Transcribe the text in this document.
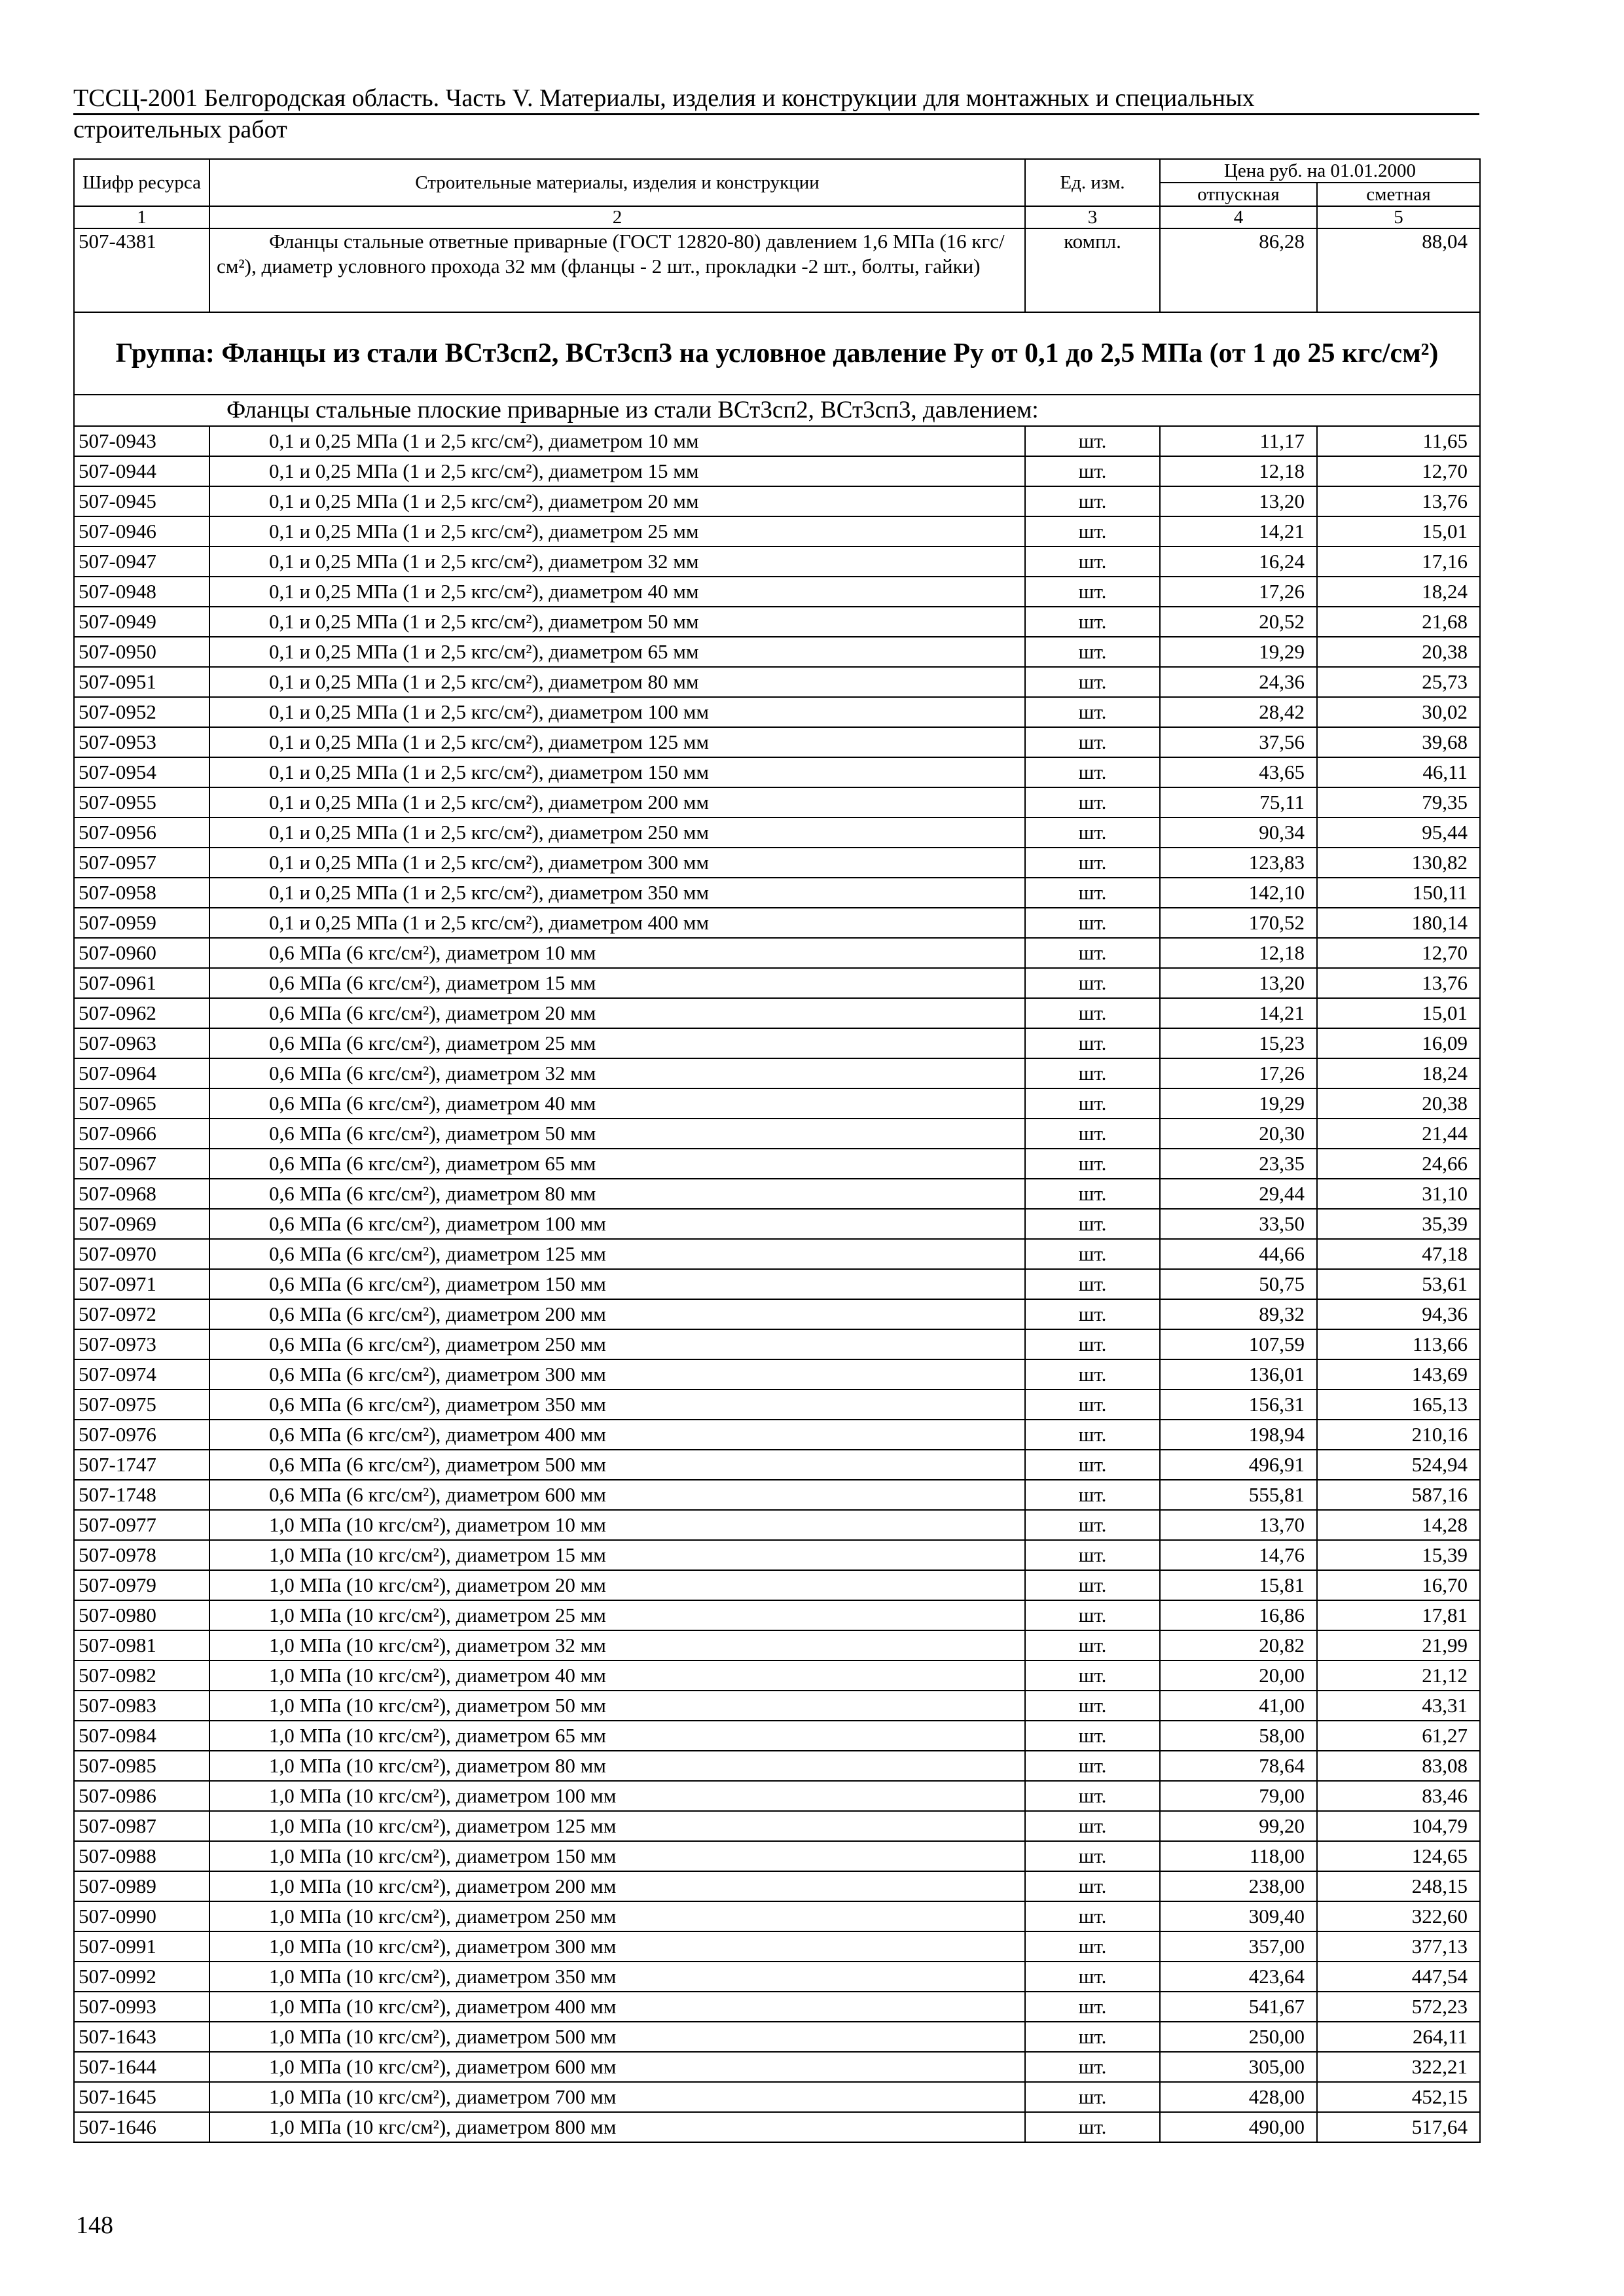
ТССЦ-2001 Белгородская область. Часть V. Материалы, изделия и конструкции для монтажных и специальных
строительных работ
Шифр ресурса	Строительные материалы, изделия и конструкции	Ед. изм.	Цена руб. на 01.01.2000	
			отпускная	сметная
1	2	3	4	5
507-4381	Фланцы стальные ответные приварные (ГОСТ 12820-80) давлением 1,6 МПа (16 кгс/см²), диаметр условного прохода 32 мм (фланцы - 2 шт., прокладки -2 шт., болты, гайки)	компл.	86,28	88,04
Группа: Фланцы из стали ВСт3сп2, ВСт3сп3 на условное давление Ру от 0,1 до 2,5 МПа (от 1 до 25 кгс/см²)				
Фланцы стальные плоские приварные из стали ВСт3сп2, ВСт3сп3, давлением:				
507-0943	0,1 и 0,25 МПа (1 и 2,5 кгс/см²), диаметром 10 мм	шт.	11,17	11,65
507-0944	0,1 и 0,25 МПа (1 и 2,5 кгс/см²), диаметром 15 мм	шт.	12,18	12,70
507-0945	0,1 и 0,25 МПа (1 и 2,5 кгс/см²), диаметром 20 мм	шт.	13,20	13,76
507-0946	0,1 и 0,25 МПа (1 и 2,5 кгс/см²), диаметром 25 мм	шт.	14,21	15,01
507-0947	0,1 и 0,25 МПа (1 и 2,5 кгс/см²), диаметром 32 мм	шт.	16,24	17,16
507-0948	0,1 и 0,25 МПа (1 и 2,5 кгс/см²), диаметром 40 мм	шт.	17,26	18,24
507-0949	0,1 и 0,25 МПа (1 и 2,5 кгс/см²), диаметром 50 мм	шт.	20,52	21,68
507-0950	0,1 и 0,25 МПа (1 и 2,5 кгс/см²), диаметром 65 мм	шт.	19,29	20,38
507-0951	0,1 и 0,25 МПа (1 и 2,5 кгс/см²), диаметром 80 мм	шт.	24,36	25,73
507-0952	0,1 и 0,25 МПа (1 и 2,5 кгс/см²), диаметром 100 мм	шт.	28,42	30,02
507-0953	0,1 и 0,25 МПа (1 и 2,5 кгс/см²), диаметром 125 мм	шт.	37,56	39,68
507-0954	0,1 и 0,25 МПа (1 и 2,5 кгс/см²), диаметром 150 мм	шт.	43,65	46,11
507-0955	0,1 и 0,25 МПа (1 и 2,5 кгс/см²), диаметром 200 мм	шт.	75,11	79,35
507-0956	0,1 и 0,25 МПа (1 и 2,5 кгс/см²), диаметром 250 мм	шт.	90,34	95,44
507-0957	0,1 и 0,25 МПа (1 и 2,5 кгс/см²), диаметром 300 мм	шт.	123,83	130,82
507-0958	0,1 и 0,25 МПа (1 и 2,5 кгс/см²), диаметром 350 мм	шт.	142,10	150,11
507-0959	0,1 и 0,25 МПа (1 и 2,5 кгс/см²), диаметром 400 мм	шт.	170,52	180,14
507-0960	0,6 МПа (6 кгс/см²), диаметром 10 мм	шт.	12,18	12,70
507-0961	0,6 МПа (6 кгс/см²), диаметром 15 мм	шт.	13,20	13,76
507-0962	0,6 МПа (6 кгс/см²), диаметром 20 мм	шт.	14,21	15,01
507-0963	0,6 МПа (6 кгс/см²), диаметром 25 мм	шт.	15,23	16,09
507-0964	0,6 МПа (6 кгс/см²), диаметром 32 мм	шт.	17,26	18,24
507-0965	0,6 МПа (6 кгс/см²), диаметром 40 мм	шт.	19,29	20,38
507-0966	0,6 МПа (6 кгс/см²), диаметром 50 мм	шт.	20,30	21,44
507-0967	0,6 МПа (6 кгс/см²), диаметром 65 мм	шт.	23,35	24,66
507-0968	0,6 МПа (6 кгс/см²), диаметром 80 мм	шт.	29,44	31,10
507-0969	0,6 МПа (6 кгс/см²), диаметром 100 мм	шт.	33,50	35,39
507-0970	0,6 МПа (6 кгс/см²), диаметром 125 мм	шт.	44,66	47,18
507-0971	0,6 МПа (6 кгс/см²), диаметром 150 мм	шт.	50,75	53,61
507-0972	0,6 МПа (6 кгс/см²), диаметром 200 мм	шт.	89,32	94,36
507-0973	0,6 МПа (6 кгс/см²), диаметром 250 мм	шт.	107,59	113,66
507-0974	0,6 МПа (6 кгс/см²), диаметром 300 мм	шт.	136,01	143,69
507-0975	0,6 МПа (6 кгс/см²), диаметром 350 мм	шт.	156,31	165,13
507-0976	0,6 МПа (6 кгс/см²), диаметром 400 мм	шт.	198,94	210,16
507-1747	0,6 МПа (6 кгс/см²), диаметром 500 мм	шт.	496,91	524,94
507-1748	0,6 МПа (6 кгс/см²), диаметром 600 мм	шт.	555,81	587,16
507-0977	1,0 МПа (10 кгс/см²), диаметром 10 мм	шт.	13,70	14,28
507-0978	1,0 МПа (10 кгс/см²), диаметром 15 мм	шт.	14,76	15,39
507-0979	1,0 МПа (10 кгс/см²), диаметром 20 мм	шт.	15,81	16,70
507-0980	1,0 МПа (10 кгс/см²), диаметром 25 мм	шт.	16,86	17,81
507-0981	1,0 МПа (10 кгс/см²), диаметром 32 мм	шт.	20,82	21,99
507-0982	1,0 МПа (10 кгс/см²), диаметром 40 мм	шт.	20,00	21,12
507-0983	1,0 МПа (10 кгс/см²), диаметром 50 мм	шт.	41,00	43,31
507-0984	1,0 МПа (10 кгс/см²), диаметром 65 мм	шт.	58,00	61,27
507-0985	1,0 МПа (10 кгс/см²), диаметром 80 мм	шт.	78,64	83,08
507-0986	1,0 МПа (10 кгс/см²), диаметром 100 мм	шт.	79,00	83,46
507-0987	1,0 МПа (10 кгс/см²), диаметром 125 мм	шт.	99,20	104,79
507-0988	1,0 МПа (10 кгс/см²), диаметром 150 мм	шт.	118,00	124,65
507-0989	1,0 МПа (10 кгс/см²), диаметром 200 мм	шт.	238,00	248,15
507-0990	1,0 МПа (10 кгс/см²), диаметром 250 мм	шт.	309,40	322,60
507-0991	1,0 МПа (10 кгс/см²), диаметром 300 мм	шт.	357,00	377,13
507-0992	1,0 МПа (10 кгс/см²), диаметром 350 мм	шт.	423,64	447,54
507-0993	1,0 МПа (10 кгс/см²), диаметром 400 мм	шт.	541,67	572,23
507-1643	1,0 МПа (10 кгс/см²), диаметром 500 мм	шт.	250,00	264,11
507-1644	1,0 МПа (10 кгс/см²), диаметром 600 мм	шт.	305,00	322,21
507-1645	1,0 МПа (10 кгс/см²), диаметром 700 мм	шт.	428,00	452,15
507-1646	1,0 МПа (10 кгс/см²), диаметром 800 мм	шт.	490,00	517,64
148
